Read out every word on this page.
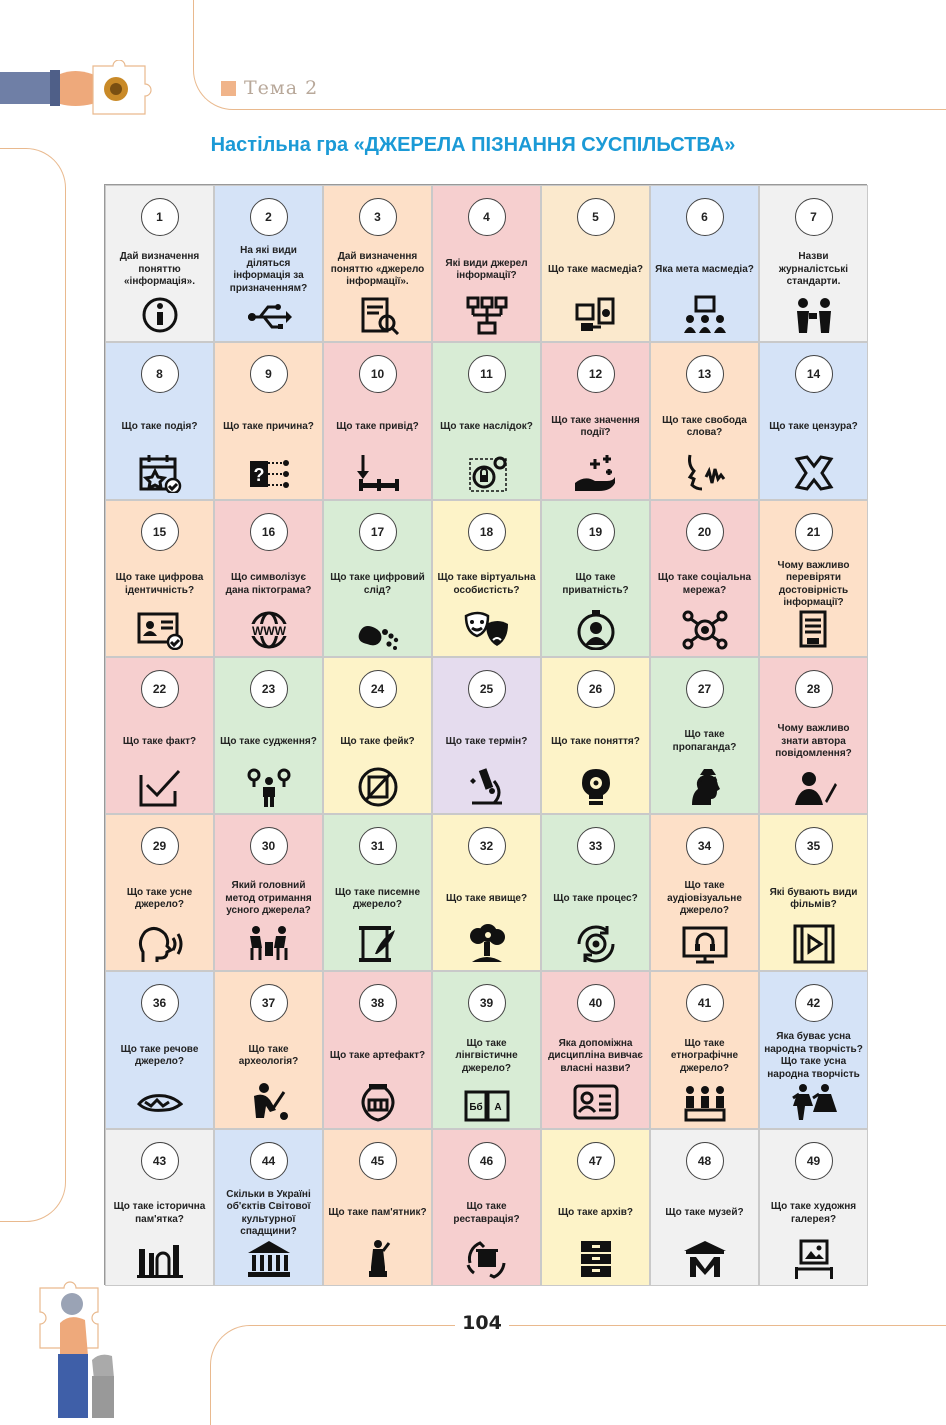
Тема 2
Настільна гра «ДЖЕРЕЛА ПІЗНАННЯ СУСПІЛЬСТВА»
1
Дай визначення поняттю «інформація».
2
На які види діляться інформація за призначенням?
3
Дай визначення поняттю «джерело інформації».
4
Які види джерел інформації?
5
Що таке масмедіа?
6
Яка мета масмедіа?
7
Назви журналістські стандарти.
8
Що таке подія?
9
Що таке причина?
?
10
Що таке привід?
11
Що таке наслідок?
12
Що таке значення події?
13
Що таке свобода слова?
14
Що таке цензура?
15
Що таке цифрова ідентичність?
16
Що символізує дана піктограма?
WWW
17
Що таке цифровий слід?
18
Що таке віртуальна особистість?
19
Що таке приватність?
20
Що таке соціальна мережа?
21
Чому важливо перевіряти достовірність інформації?
22
Що таке факт?
23
Що таке судження?
24
Що таке фейк?
25
Що таке термін?
26
Що таке поняття?
27
Що таке пропаганда?
28
Чому важливо знати автора повідомлення?
29
Що таке усне джерело?
30
Який головний метод отримання усного джерела?
31
Що таке писемне джерело?
32
Що таке явище?
33
Що таке процес?
34
Що таке аудіовізуальне джерело?
35
Які бувають види фільмів?
36
Що таке речове джерело?
37
Що таке археологія?
38
Що таке артефакт?
39
Що таке лінгвістичне джерело?
Бб A
40
Яка допоміжна дисципліна вивчає власні назви?
41
Що таке етнографічне джерело?
42
Яка буває усна народна творчість? Що таке усна народна творчість
43
Що таке історична пам'ятка?
44
Скільки в Україні об'єктів Світової культурної спадщини?
45
Що таке пам'ятник?
46
Що таке реставрація?
47
Що таке архів?
48
Що таке музей?
49
Що таке художня галерея?
104
